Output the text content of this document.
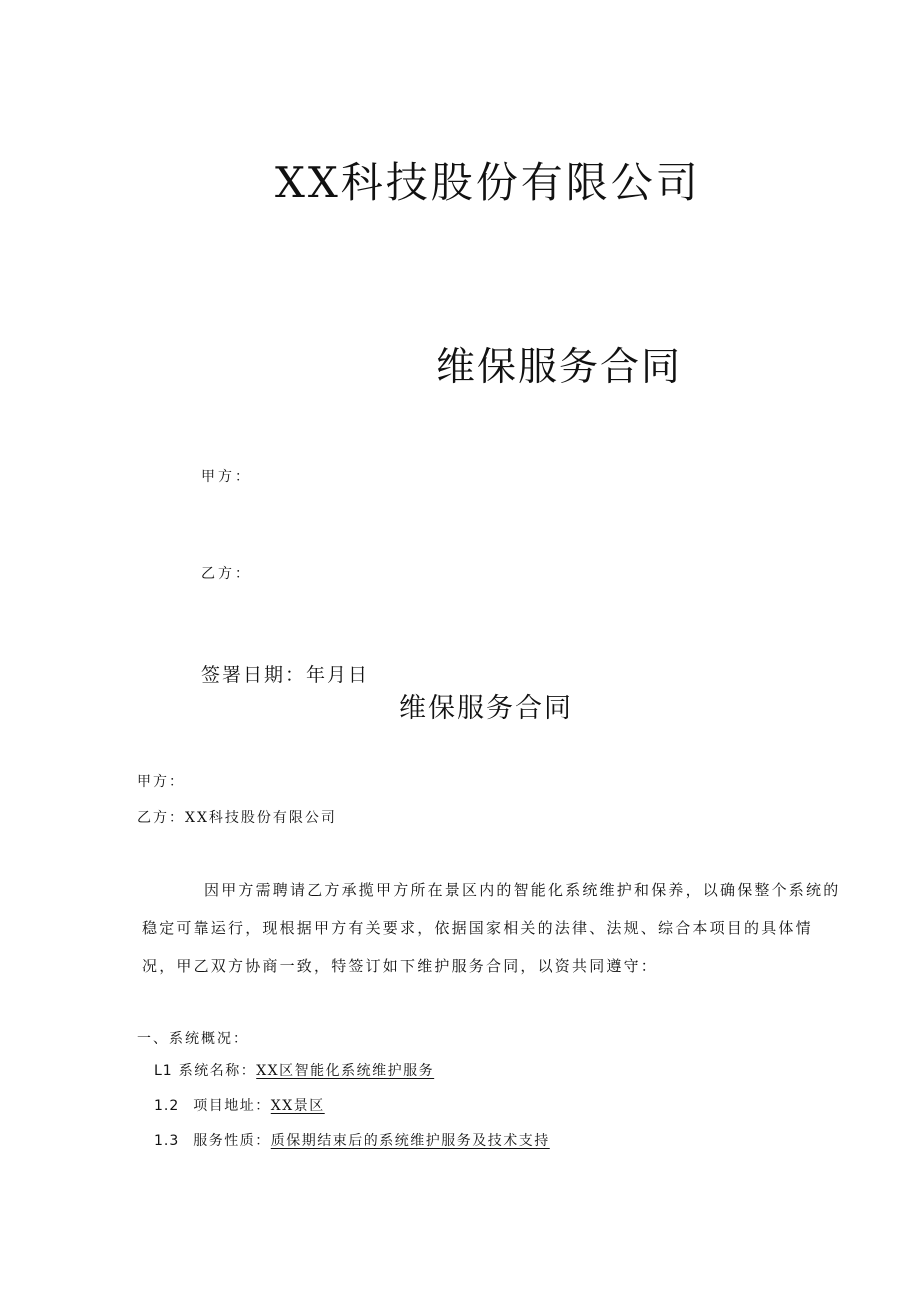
XX科技股份有限公司
维保服务合同
甲方：
乙方：
签署日期：年月日
维保服务合同
甲方：
乙方：XX科技股份有限公司
因甲方需聘请乙方承揽甲方所在景区内的智能化系统维护和保养，以确保整个系统的
稳定可靠运行，现根据甲方有关要求，依据国家相关的法律、法规、综合本项目的具体情
况，甲乙双方协商一致，特签订如下维护服务合同，以资共同遵守：
一、系统概况：
L1 系统名称：XX区智能化系统维护服务
1.2 项目地址：XX景区
1.3 服务性质：质保期结束后的系统维护服务及技术支持
